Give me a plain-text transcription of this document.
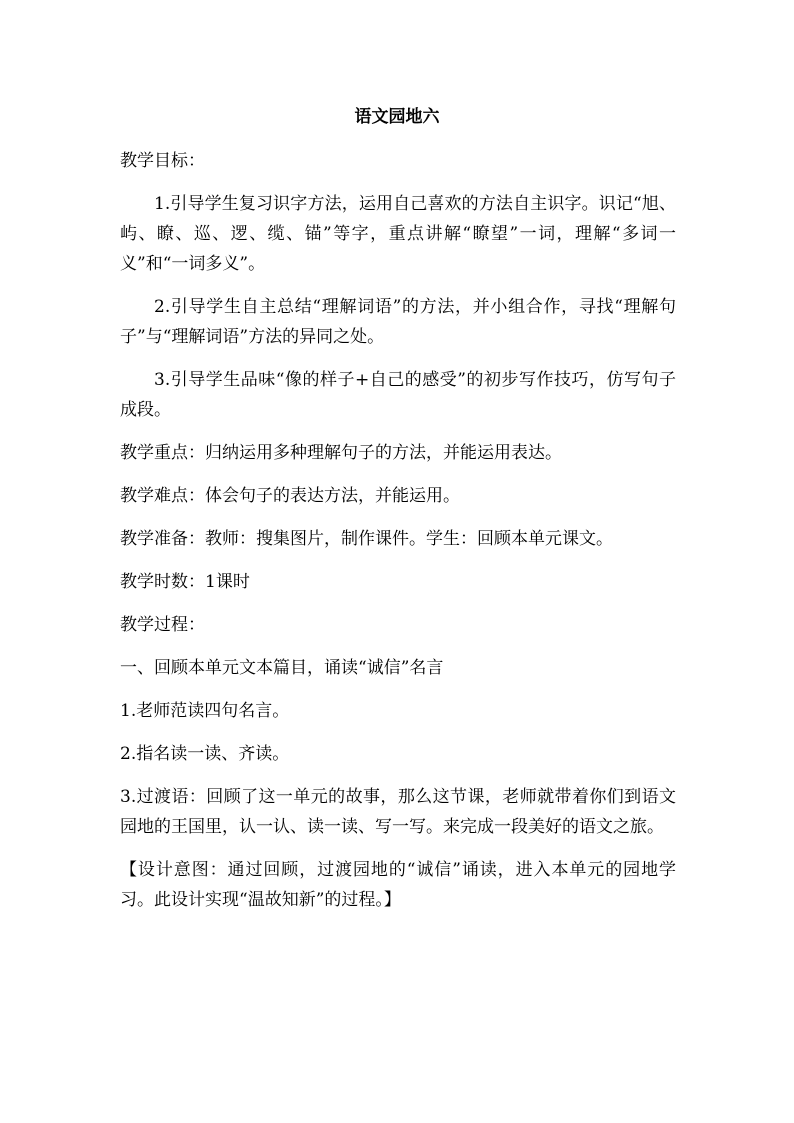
语文园地六

教学目标：

1.引导学生复习识字方法，运用自己喜欢的方法自主识字。识记“旭、屿、瞭、巡、逻、缆、锚”等字，重点讲解“瞭望”一词，理解“多词一义”和“一词多义”。

2.引导学生自主总结“理解词语”的方法，并小组合作，寻找“理解句子”与“理解词语”方法的异同之处。

3.引导学生品味“像的样子+自己的感受”的初步写作技巧，仿写句子成段。

教学重点：归纳运用多种理解句子的方法，并能运用表达。

教学难点：体会句子的表达方法，并能运用。

教学准备：教师：搜集图片，制作课件。学生：回顾本单元课文。

教学时数：1课时

教学过程：

一、回顾本单元文本篇目，诵读“诚信”名言

1.老师范读四句名言。

2.指名读一读、齐读。

3.过渡语：回顾了这一单元的故事，那么这节课，老师就带着你们到语文园地的王国里，认一认、读一读、写一写。来完成一段美好的语文之旅。

【设计意图：通过回顾，过渡园地的“诚信”诵读，进入本单元的园地学习。此设计实现“温故知新”的过程。】
